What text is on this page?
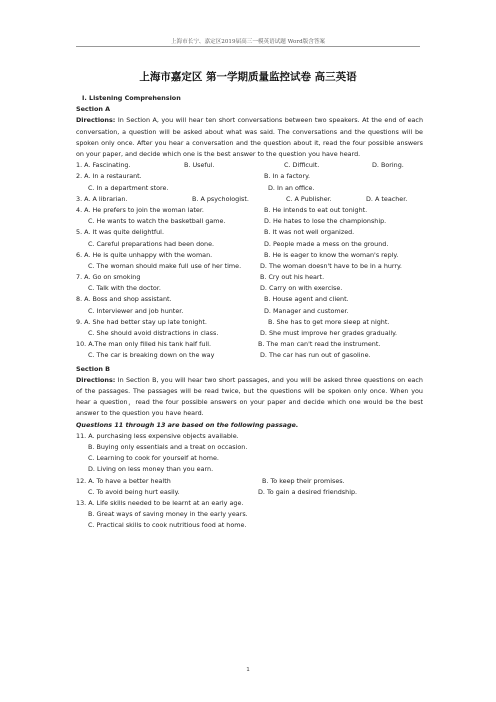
上海市长宁、嘉定区2019届高三一模英语试题 Word版含答案
上海市嘉定区 第一学期质量监控试卷 高三英语
I. Listening Comprehension
Section A
Directions: In Section A, you will hear ten short conversations between two speakers. At the end of each conversation, a question will be asked about what was said. The conversations and the questions will be spoken only once. After you hear a conversation and the question about it, read the four possible answers on your paper, and decide which one is the best answer to the question you have heard.
1. A. Fascinating.	B. Useful.	C. Difficult.	D. Boring.
2. A. In a restaurant.	B. In a factory.
C. In a department store.	D. In an office.
3. A. A librarian.	B. A psychologist.	C. A Publisher.	D. A teacher.
4. A. He prefers to join the woman later.	B. He intends to eat out tonight.
C. He wants to watch the basketball game.	D. He hates to lose the championship.
5. A. It was quite delightful.	B. It was not well organized.
C. Careful preparations had been done.	D. People made a mess on the ground.
6. A. He is quite unhappy with the woman.	B. He is eager to know the woman's reply.
C. The woman should make full use of her time.	D. The woman doesn't have to be in a hurry.
7. A. Go on smoking	B. Cry out his heart.
C. Talk with the doctor.	D. Carry on with exercise.
8. A. Boss and shop assistant.	B. House agent and client.
C. Interviewer and job hunter.	D. Manager and customer.
9. A. She had better stay up late tonight.	B. She has to get more sleep at night.
C. She should avoid distractions in class.	D. She must improve her grades gradually.
10. A.The man only filled his tank half full.	B. The man can't read the instrument.
C. The car is breaking down on the way	D. The car has run out of gasoline.
Section B
Directions: In Section B, you will hear two short passages, and you will be asked three questions on each of the passages. The passages will be read twice, but the questions will be spoken only once. When you hear a question，read the four possible answers on your paper and decide which one would be the best answer to the question you have heard.
Questions 11 through 13 are based on the following passage.
11. A. purchasing less expensive objects available.
B. Buying only essentials and a treat on occasion.
C. Learning to cook for yourself at home.
D. Living on less money than you earn.
12. A. To have a better health	B. To keep their promises.
C. To avoid being hurt easily.	D. To gain a desired friendship.
13. A. Life skills needed to be learnt at an early age.
B. Great ways of saving money in the early years.
C. Practical skills to cook nutritious food at home.
1
